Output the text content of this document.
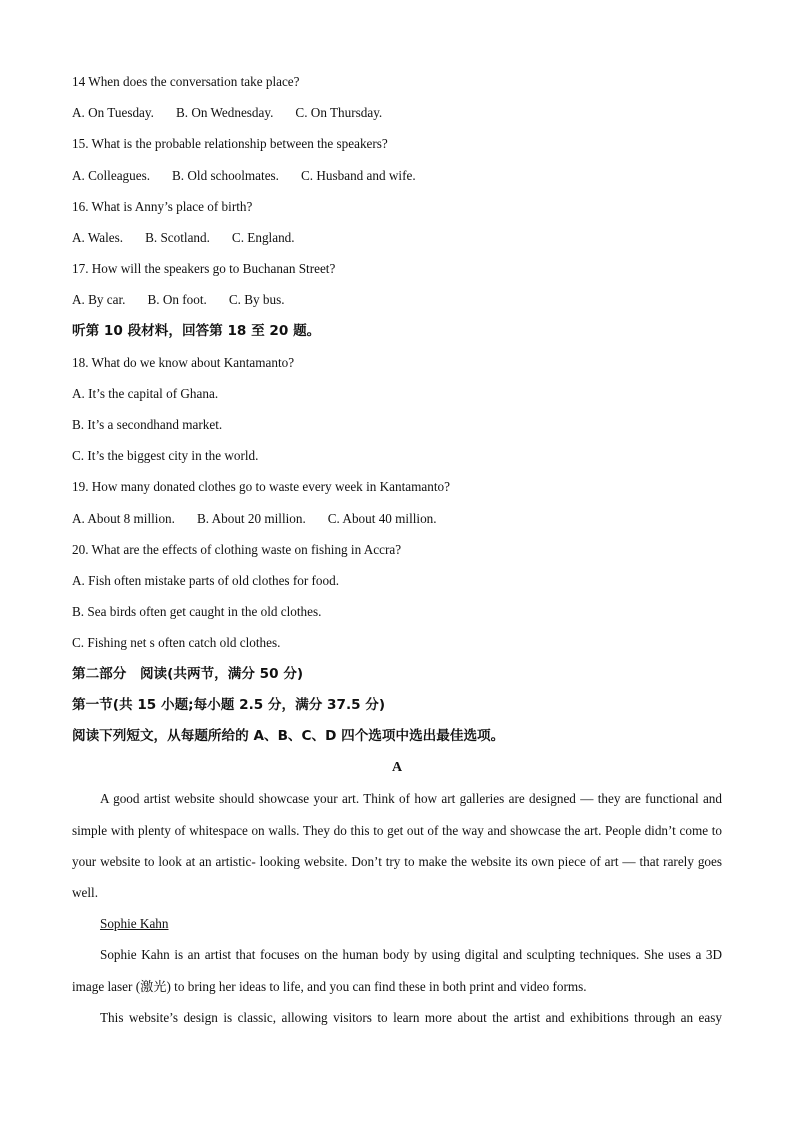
14 When does the conversation take place?
A. On Tuesday. B. On Wednesday. C. On Thursday.
15. What is the probable relationship between the speakers?
A. Colleagues. B. Old schoolmates. C. Husband and wife.
16. What is Anny’s place of birth?
A. Wales. B. Scotland. C. England.
17. How will the speakers go to Buchanan Street?
A. By car. B. On foot. C. By bus.
听第 10 段材料，回答第 18 至 20 题。
18. What do we know about Kantamanto?
A. It’s the capital of Ghana.
B. It’s a secondhand market.
C. It’s the biggest city in the world.
19. How many donated clothes go to waste every week in Kantamanto?
A. About 8 million. B. About 20 million. C. About 40 million.
20. What are the effects of clothing waste on fishing in Accra?
A. Fish often mistake parts of old clothes for food.
B. Sea birds often get caught in the old clothes.
C. Fishing net s often catch old clothes.
第二部分　阅读(共两节，满分 50 分)
第一节(共 15 小题;每小题 2.5 分，满分 37.5 分)
阅读下列短文，从每题所给的 A、B、C、D 四个选项中选出最佳选项。
A

A good artist website should showcase your art. Think of how art galleries are designed — they are functional and simple with plenty of whitespace on walls. They do this to get out of the way and showcase the art. People didn’t come to your website to look at an artistic- looking website. Don’t try to make the website its own piece of art — that rarely goes well.

Sophie Kahn

Sophie Kahn is an artist that focuses on the human body by using digital and sculpting techniques. She uses a 3D image laser (激光) to bring her ideas to life, and you can find these in both print and video forms.

This website’s design is classic, allowing visitors to learn more about the artist and exhibitions through an easy
